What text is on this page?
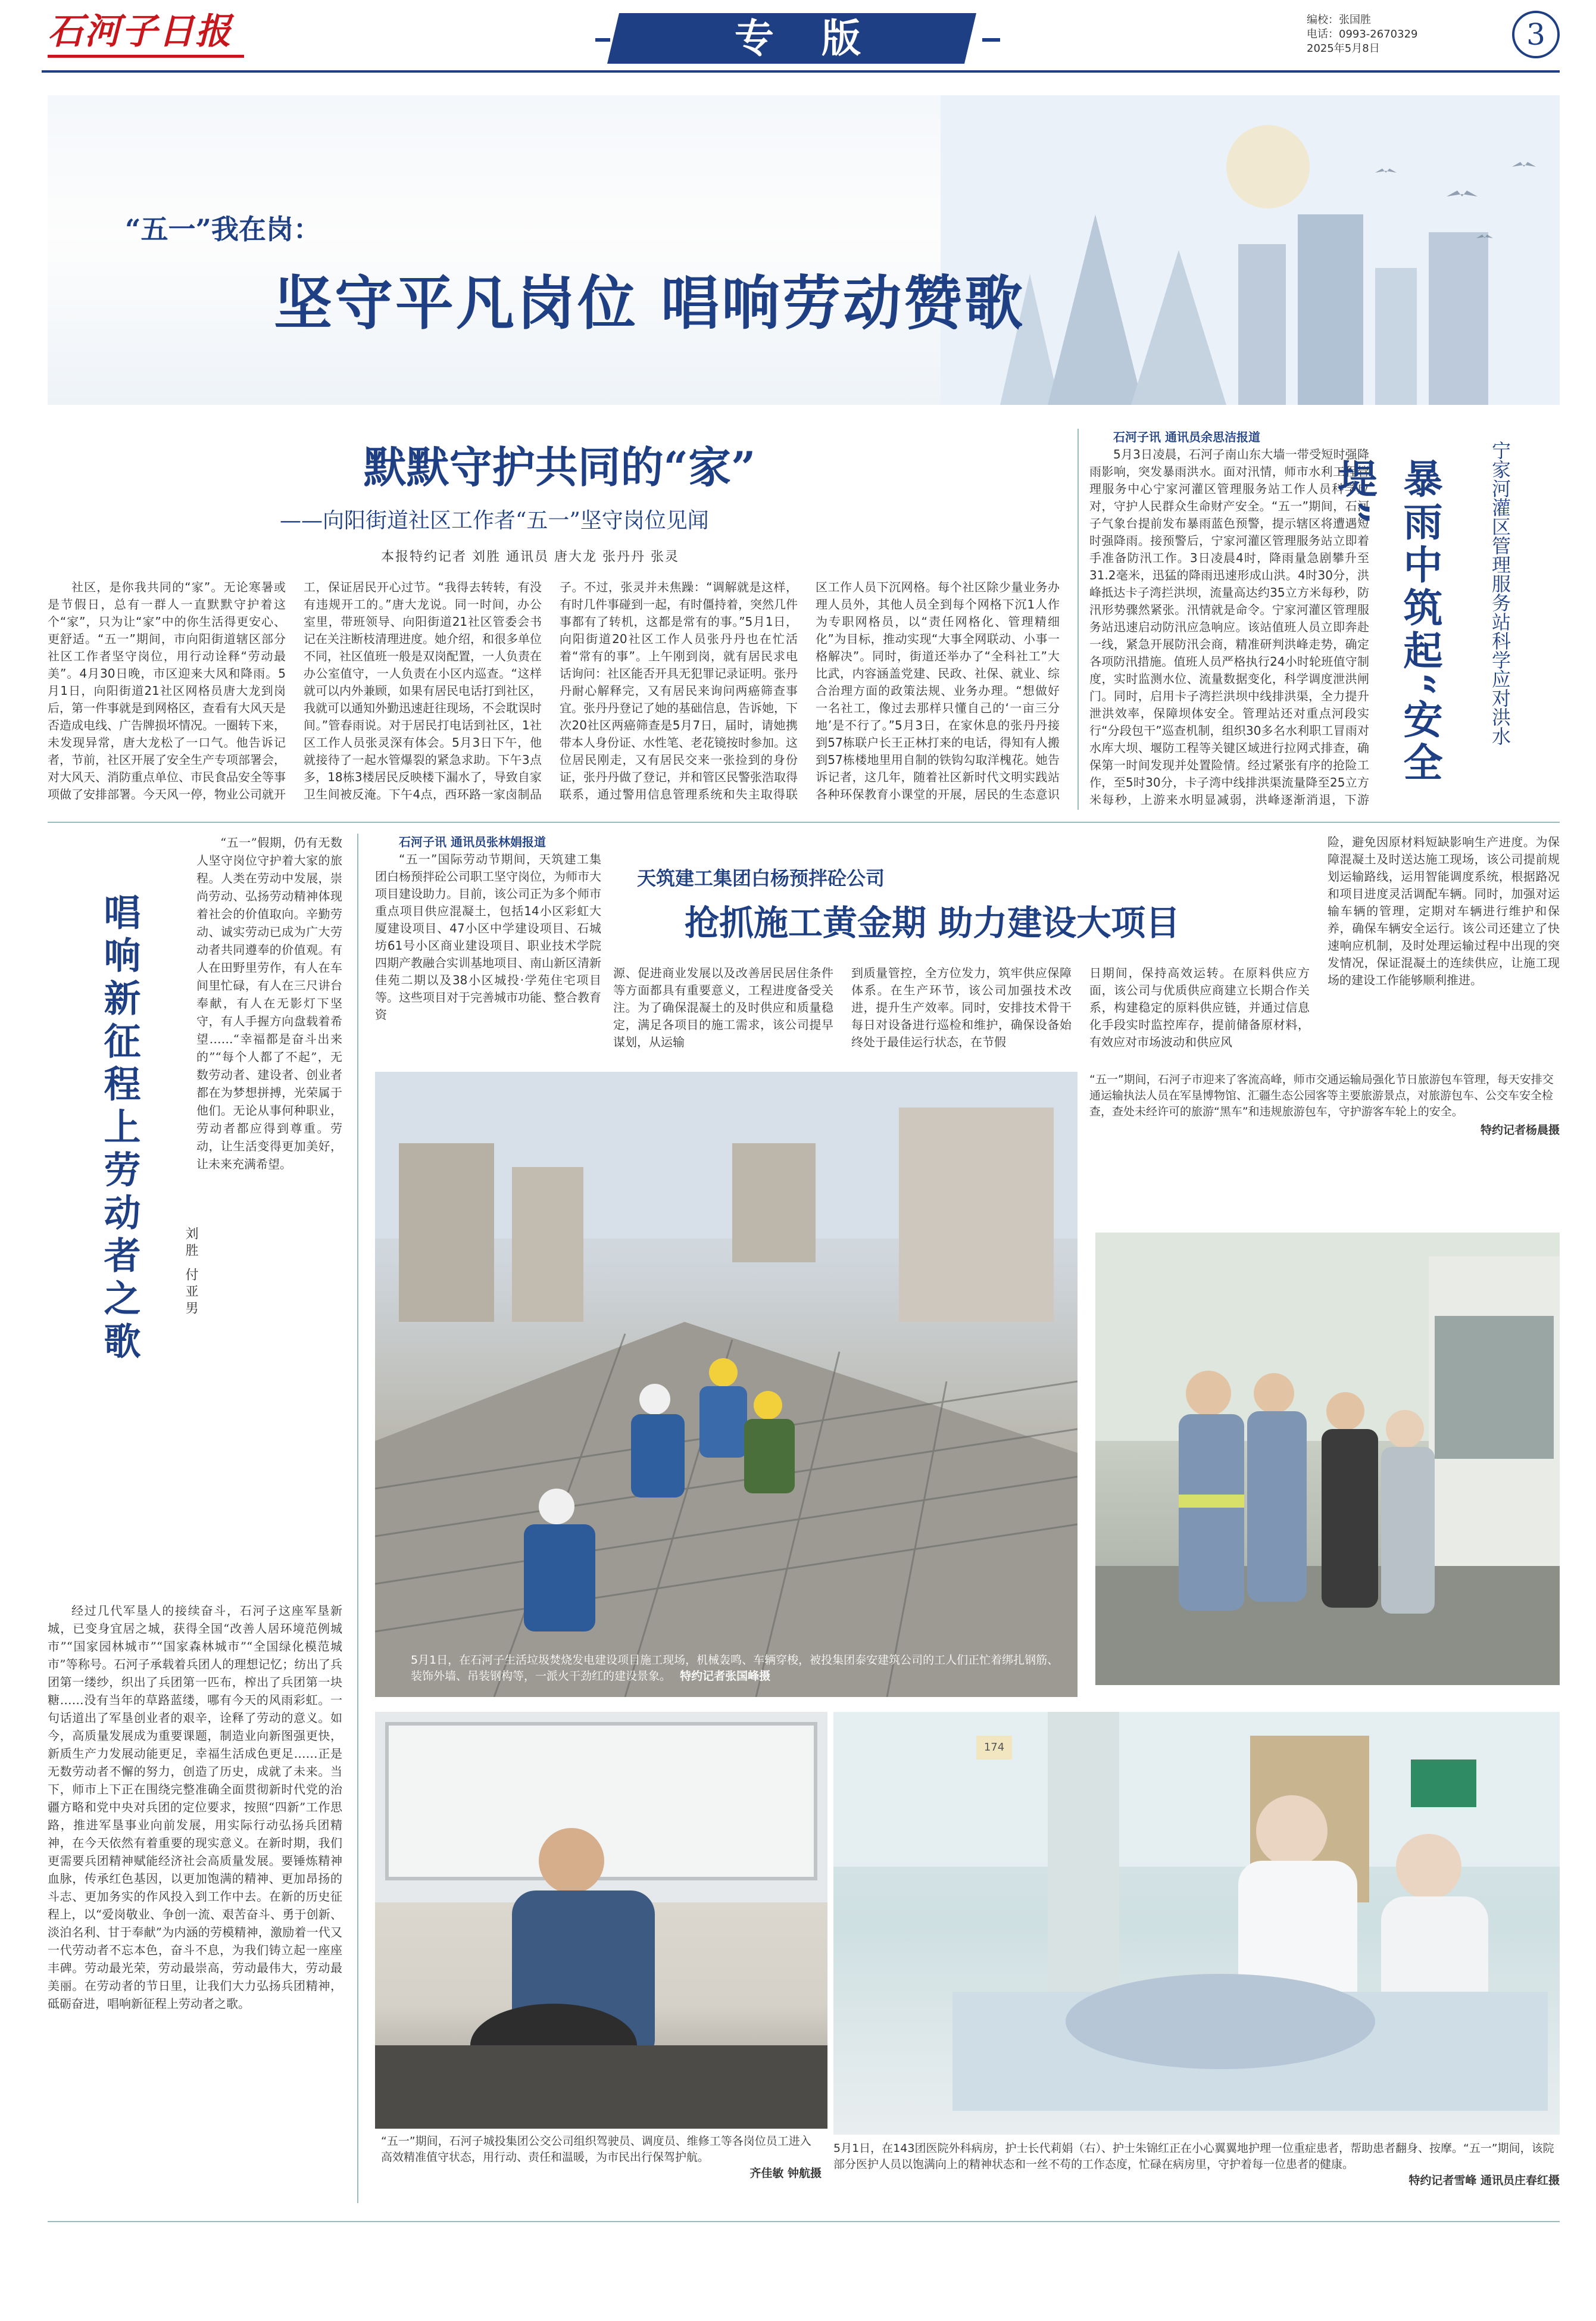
石河子日报	专版	编校：张国胜
电话：0993-2670329
2025年5月8日	3
“五一”我在岗：
坚守平凡岗位 唱响劳动赞歌
默默守护共同的“家”
——向阳街道社区工作者“五一”坚守岗位见闻
本报特约记者 刘胜 通讯员 唐大龙 张丹丹 张灵

社区，是你我共同的“家”。无论寒暑或是节假日，总有一群人一直默默守护着这个“家”，只为让“家”中的你生活得更安心、更舒适。“五一”期间，市向阳街道辖区部分社区工作者坚守岗位，用行动诠释“劳动最美”。4月30日晚，市区迎来大风和降雨。5月1日，向阳街道21社区网格员唐大龙到岗后，第一件事就是到网格区，查看有大风天是否造成电线、广告牌损坏情况。一圈转下来，未发现异常，唐大龙松了一口气。他告诉记者，节前，社区开展了安全生产专项部署会，对大风天、消防重点单位、市民食品安全等事项做了安排部署。今天风一停，物业公司就开

工，保证居民开心过节。“我得去转转，有没有违规开工的。”唐大龙说。同一时间，办公室里，带班领导、向阳街道21社区管委会书记在关注断枝清理进度。她介绍，和很多单位不同，社区值班一般是双岗配置，一人负责在办公室值守，一人负责在小区内巡查。“这样就可以内外兼顾，如果有居民电话打到社区，我就可以通知外勤迅速赶往现场，不会耽误时间。”管春雨说。对于居民打电话到社区，1社区工作人员张灵深有体会。5月3日下午，他就接待了一起水管爆裂的紧急求助。下午3点多，18栋3楼居民反映楼下漏水了，导致自家卫生间被反淹。下午4点，西环路一家卤制品

子。不过，张灵并未焦躁：“调解就是这样，有时几件事碰到一起，有时僵持着，突然几件事都有了转机，这都是常有的事。”5月1日，向阳街道20社区工作人员张丹丹也在忙活着“常有的事”。上午刚到岗，就有居民求电话询问：社区能否开具无犯罪记录证明。张丹丹耐心解释完，又有居民来询问两癌筛查事宜。张丹丹登记了她的基础信息，告诉她，下次20社区两癌筛查是5月7日，届时，请她携带本人身份证、水性笔、老花镜按时参加。这位居民刚走，又有居民交来一张捡到的身份证，张丹丹做了登记，并和管区民警张浩取得联系，通过警用信息管理系统和失主取得联

区工作人员下沉网格。每个社区除少量业务办理人员外，其他人员全到每个网格下沉1人作为专职网格员，以“责任网格化、管理精细化”为目标，推动实现“大事全网联动、小事一格解决”。同时，街道还举办了“全科社工”大比武，内容涵盖党建、民政、社保、就业、综合治理方面的政策法规、业务办理。“想做好一名社工，像过去那样只懂自己的‘一亩三分地’是不行了。”5月3日，在家休息的张丹丹接到57栋联户长王正林打来的电话，得知有人搬到57栋楼地里用自制的铁钩勾取洋槐花。她告诉记者，这几年，随着社区新时代文明实践站各种环保教育小课堂的开展，居民的生态意识

石河子讯 通讯员余思洁报道

5月3日凌晨，石河子南山东大墙一带受短时强降雨影响，突发暴雨洪水。面对汛情，师市水利工程管理服务中心宁家河灌区管理服务站工作人员科学应对，守护人民群众生命财产安全。“五一”期间，石河子气象台提前发布暴雨蓝色预警，提示辖区将遭遇短时强降雨。接预警后，宁家河灌区管理服务站立即着手准备防汛工作。3日凌晨4时，降雨量急剧攀升至31.2毫米，迅猛的降雨迅速形成山洪。4时30分，洪峰抵达卡子湾拦洪坝，流量高达约35立方米每秒，防汛形势骤然紧张。汛情就是命令。宁家河灌区管理服务站迅速启动防汛应急响应。该站值班人员立即奔赴一线，紧急开展防汛会商，精准研判洪峰走势，确定各项防汛措施。值班人员严格执行24小时轮班值守制度，实时监测水位、流量数据变化，科学调度泄洪闸门。同时，启用卡子湾拦洪坝中线排洪渠，全力提升泄洪效率，保障坝体安全。管理站还对重点河段实行“分段包干”巡查机制，组织30多名水利职工冒雨对水库大坝、堰防工程等关键区域进行拉网式排查，确保第一时间发现并处置险情。经过紧张有序的抢险工作，至5时30分，卡子湾中线排洪渠流量降至25立方米每秒，上游来水明显减弱，洪峰逐渐消退，下游

暴雨中筑起“安全堤”	宁家河灌区管理服务站科学应对洪水
唱响新征程上劳动者之歌	刘胜 付亚男

“五一”假期，仍有无数人坚守岗位守护着大家的旅程。人类在劳动中发展，崇尚劳动、弘扬劳动精神体现着社会的价值取向。辛勤劳动、诚实劳动已成为广大劳动者共同遵奉的价值观。有人在田野里劳作，有人在车间里忙碌，有人在三尺讲台奉献，有人在无影灯下坚守，有人手握方向盘载着希望……“幸福都是奋斗出来的”“每个人都了不起”，无数劳动者、建设者、创业者都在为梦想拼搏，光荣属于他们。无论从事何种职业，劳动者都应得到尊重。劳动，让生活变得更加美好，让未来充满希望。

经过几代军垦人的接续奋斗，石河子这座军垦新城，已变身宜居之城，获得全国“改善人居环境范例城市”“国家园林城市”“国家森林城市”“全国绿化模范城市”等称号。石河子承载着兵团人的理想记忆；纺出了兵团第一缕纱，织出了兵团第一匹布，榨出了兵团第一块糖……没有当年的草路蓝缕，哪有今天的风雨彩虹。一句话道出了军垦创业者的艰辛，诠释了劳动的意义。如今，高质量发展成为重要课题，制造业向新图强更快，新质生产力发展动能更足，幸福生活成色更足……正是无数劳动者不懈的努力，创造了历史，成就了未来。当下，师市上下正在围绕完整准确全面贯彻新时代党的治疆方略和党中央对兵团的定位要求，按照“四新”工作思路，推进军垦事业向前发展，用实际行动弘扬兵团精神，在今天依然有着重要的现实意义。在新时期，我们更需要兵团精神赋能经济社会高质量发展。要锤炼精神血脉，传承红色基因，以更加饱满的精神、更加昂扬的斗志、更加务实的作风投入到工作中去。在新的历史征程上，以“爱岗敬业、争创一流、艰苦奋斗、勇于创新、淡泊名利、甘于奉献”为内涵的劳模精神，激励着一代又一代劳动者不忘本色，奋斗不息，为我们铸立起一座座丰碑。劳动最光荣，劳动最崇高，劳动最伟大，劳动最美丽。在劳动者的节日里，让我们大力弘扬兵团精神，砥砺奋进，唱响新征程上劳动者之歌。

石河子讯 通讯员张林娟报道

“五一”国际劳动节期间，天筑建工集团白杨预拌砼公司职工坚守岗位，为师市大项目建设助力。目前，该公司正为多个师市重点项目供应混凝土，包括14小区彩虹大厦建设项目、47小区中学建设项目、石城坊61号小区商业建设项目、职业技术学院四期产教融合实训基地项目、南山新区清新佳苑二期以及38小区城投·学苑住宅项目等。这些项目对于完善城市功能、整合教育资

天筑建工集团白杨预拌砼公司
抢抓施工黄金期 助力建设大项目

源、促进商业发展以及改善居民居住条件等方面都具有重要意义，工程进度备受关注。为了确保混凝土的及时供应和质量稳定，满足各项目的施工需求，该公司提早谋划，从运输

到质量管控，全方位发力，筑牢供应保障体系。在生产环节，该公司加强技术改进，提升生产效率。同时，安排技术骨干每日对设备进行巡检和维护，确保设备始终处于最佳运行状态，在节假

日期间，保持高效运转。在原料供应方面，该公司与优质供应商建立长期合作关系，构建稳定的原料供应链，并通过信息化手段实时监控库存，提前储备原材料，有效应对市场波动和供应风

险，避免因原材料短缺影响生产进度。为保障混凝土及时送达施工现场，该公司提前规划运输路线，运用智能调度系统，根据路况和项目进度灵活调配车辆。同时，加强对运输车辆的管理，定期对车辆进行维护和保养，确保车辆安全运行。该公司还建立了快速响应机制，及时处理运输过程中出现的突发情况，保证混凝土的连续供应，让施工现场的建设工作能够顺利推进。

5月1日，在石河子生活垃圾焚烧发电建设项目施工现场，机械轰鸣、车辆穿梭，被投集团泰安建筑公司的工人们正忙着绑扎钢筋、装饰外墙、吊装钢构等，一派火干劲红的建设景象。 特约记者张国峰摄
“五一”期间，石河子市迎来了客流高峰，师市交通运输局强化节日旅游包车管理，每天安排交通运输执法人员在军垦博物馆、汇疆生态公园客等主要旅游景点，对旅游包车、公交车安全检查，查处未经许可的旅游“黑车”和违规旅游包车，守护游客车轮上的安全。
特约记者杨晨摄
“五一”期间，石河子城投集团公交公司组织驾驶员、调度员、维修工等各岗位员工进入高效精准值守状态，用行动、责任和温暖，为市民出行保驾护航。
齐佳敏 钟航摄
174
5月1日，在143团医院外科病房，护士长代莉娟（右）、护士朱锦红正在小心翼翼地护理一位重症患者，帮助患者翻身、按摩。“五一”期间，该院部分医护人员以饱满向上的精神状态和一丝不苟的工作态度，忙碌在病房里，守护着每一位患者的健康。
特约记者雪峰 通讯员庄春红摄
